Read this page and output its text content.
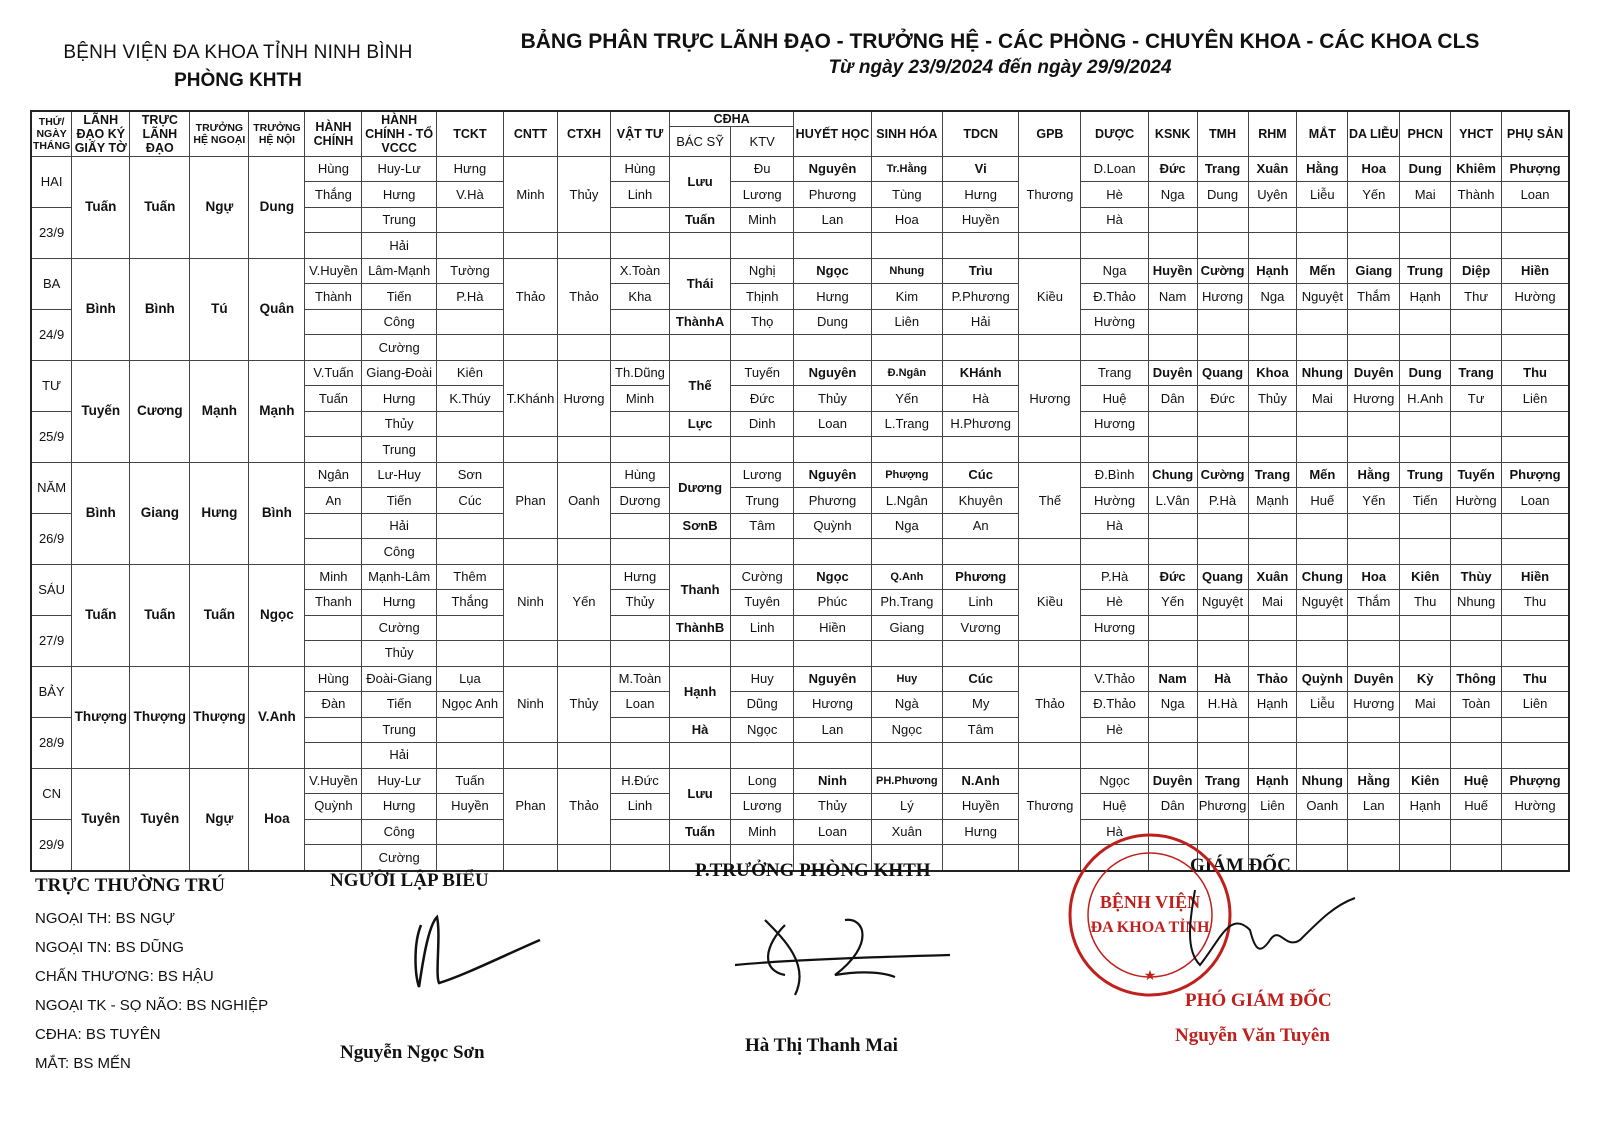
BỆNH VIỆN ĐA KHOA TỈNH NINH BÌNH
PHÒNG KHTH
BẢNG PHÂN TRỰC LÃNH ĐẠO - TRƯỞNG HỆ - CÁC PHÒNG - CHUYÊN KHOA - CÁC KHOA CLS
Từ ngày 23/9/2024 đến ngày 29/9/2024
THỨ/ NGÀY THÁNG	LÃNH ĐẠO KÝ GIẤY TỜ	TRỰC LÃNH ĐẠO	TRƯỞNG HỆ NGOẠI	TRƯỞNG HỆ NỘI	HÀNH CHÍNH	HÀNH CHÍNH - TỔ VCCC	TCKT	CNTT	CTXH	VẬT TƯ	CĐHA		HUYẾT HỌC	SINH HÓA	TDCN	GPB	DƯỢC	KSNK	TMH	RHM	MẮT	DA LIỄU	PHCN	YHCT	PHỤ SẢN
											BÁC SỸ	KTV													
HAI	Tuấn	Tuấn	Ngự	Dung	Hùng	Huy-Lư	Hưng	Minh	Thủy	Hùng	Lưu	Đu	Nguyên	Tr.Hằng	Vi	Thương	D.Loan	Đức	Trang	Xuân	Hằng	Hoa	Dung	Khiêm	Phượng
					Thắng	Hưng	V.Hà			Linh		Lương	Phương	Tùng	Hưng		Hè	Nga	Dung	Uyên	Liễu	Yến	Mai	Thành	Loan
23/9						Trung					Tuấn	Minh	Lan	Hoa	Huyền		Hà								
						Hải																			
BA	Bình	Bình	Tú	Quân	V.Huyền	Lâm-Mạnh	Tường	Thảo	Thảo	X.Toàn	Thái	Nghị	Ngọc	Nhung	Trìu	Kiều	Nga	Huyền	Cường	Hạnh	Mến	Giang	Trung	Diệp	Hiền
					Thành	Tiến	P.Hà			Kha		Thịnh	Hưng	Kim	P.Phương		Đ.Thảo	Nam	Hương	Nga	Nguyệt	Thắm	Hạnh	Thư	Hường
24/9						Công					ThànhA	Thọ	Dung	Liên	Hải		Hường								
						Cường																			
TƯ	Tuyến	Cương	Mạnh	Mạnh	V.Tuấn	Giang-Đoài	Kiên	T.Khánh	Hương	Th.Dũng	Thế	Tuyến	Nguyên	Đ.Ngân	KHánh	Hương	Trang	Duyên	Quang	Khoa	Nhung	Duyên	Dung	Trang	Thu
					Tuấn	Hưng	K.Thúy			Minh		Đức	Thủy	Yến	Hà		Huệ	Dân	Đức	Thủy	Mai	Hương	H.Anh	Tư	Liên
25/9						Thủy					Lực	Dinh	Loan	L.Trang	H.Phương		Hương								
						Trung																			
NĂM	Bình	Giang	Hưng	Bình	Ngân	Lư-Huy	Sơn	Phan	Oanh	Hùng	Dương	Lương	Nguyên	Phượng	Cúc	Thế	Đ.Bình	Chung	Cường	Trang	Mến	Hằng	Trung	Tuyến	Phượng
					An	Tiến	Cúc			Dương		Trung	Phương	L.Ngân	Khuyên		Hường	L.Vân	P.Hà	Mạnh	Huế	Yến	Tiến	Hường	Loan
26/9						Hải					SơnB	Tâm	Quỳnh	Nga	An		Hà								
						Công																			
SÁU	Tuấn	Tuấn	Tuấn	Ngọc	Minh	Mạnh-Lâm	Thêm	Ninh	Yến	Hưng	Thanh	Cường	Ngọc	Q.Anh	Phương	Kiều	P.Hà	Đức	Quang	Xuân	Chung	Hoa	Kiên	Thùy	Hiền
					Thanh	Hưng	Thắng			Thủy		Tuyên	Phúc	Ph.Trang	Linh		Hè	Yến	Nguyệt	Mai	Nguyệt	Thắm	Thu	Nhung	Thu
27/9						Cường					ThànhB	Linh	Hiền	Giang	Vương		Hương								
						Thủy																			
BẢY	Thượng	Thượng	Thượng	V.Anh	Hùng	Đoài-Giang	Lụa	Ninh	Thủy	M.Toàn	Hạnh	Huy	Nguyên	Huy	Cúc	Thảo	V.Thảo	Nam	Hà	Thảo	Quỳnh	Duyên	Kỳ	Thông	Thu
					Đàn	Tiến	Ngọc Anh			Loan		Dũng	Hương	Ngà	My		Đ.Thảo	Nga	H.Hà	Hạnh	Liễu	Hương	Mai	Toàn	Liên
28/9						Trung					Hà	Ngọc	Lan	Ngọc	Tâm		Hè								
						Hải																			
CN	Tuyên	Tuyên	Ngự	Hoa	V.Huyền	Huy-Lư	Tuấn	Phan	Thảo	H.Đức	Lưu	Long	Ninh	PH.Phương	N.Anh	Thương	Ngọc	Duyên	Trang	Hạnh	Nhung	Hằng	Kiên	Huệ	Phượng
					Quỳnh	Hưng	Huyền			Linh		Lương	Thủy	Lý	Huyền		Huệ	Dân	Phương	Liên	Oanh	Lan	Hạnh	Huế	Hường
29/9						Công					Tuấn	Minh	Loan	Xuân	Hưng		Hà								
						Cường																			
TRỰC THƯỜNG TRÚ
NGOẠI TH: BS NGỰ
NGOẠI TN: BS DŨNG
CHẤN THƯƠNG: BS HẬU
NGOẠI TK - SỌ NÃO: BS NGHIỆP
CĐHA: BS TUYÊN
MẮT: BS MẾN
NGƯỜI LẬP BIỂU
Nguyễn Ngọc Sơn
P.TRƯỞNG PHÒNG KHTH
Hà Thị Thanh Mai
GIÁM ĐỐC
PHÓ GIÁM ĐỐC
Nguyễn Văn Tuyên
BỆNH VIỆN
ĐA KHOA TỈNH
★
